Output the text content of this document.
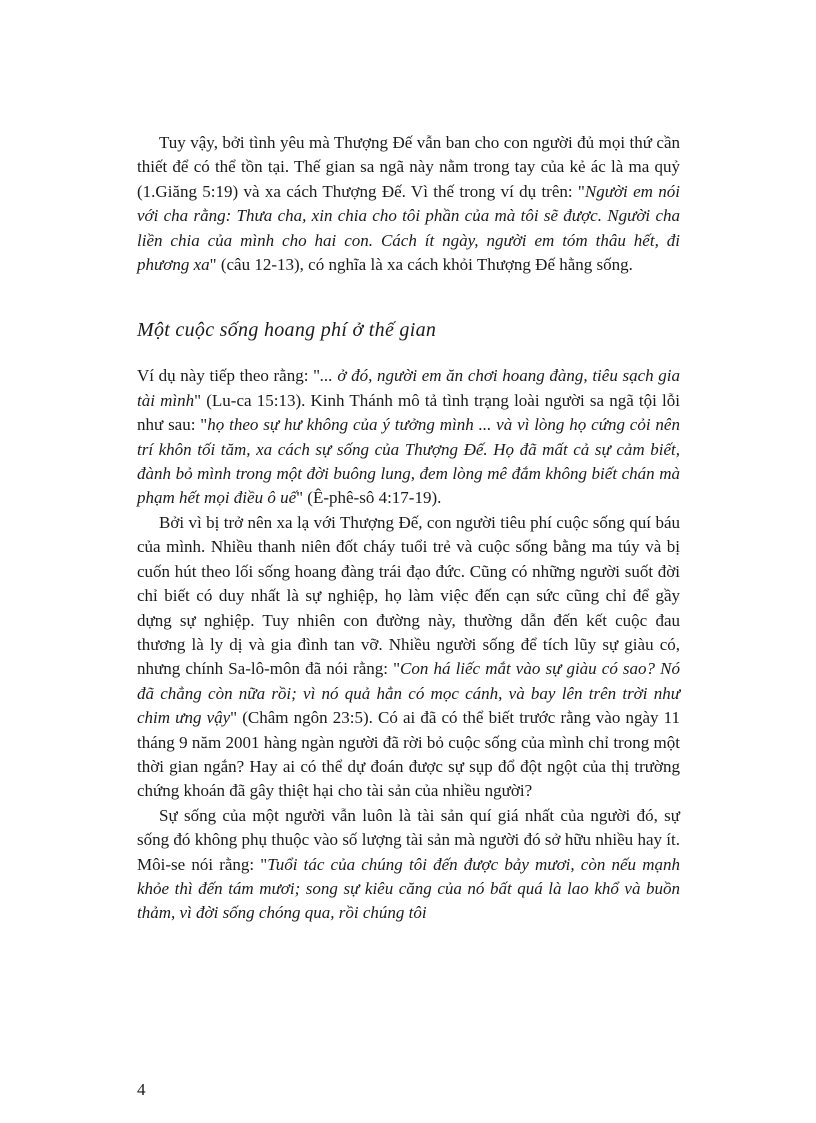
Tuy vậy, bởi tình yêu mà Thượng Đế vẫn ban cho con người đủ mọi thứ cần thiết để có thể tồn tại. Thế gian sa ngã này nằm trong tay của kẻ ác là ma quỷ (1.Giăng 5:19) và xa cách Thượng Đế. Vì thế trong ví dụ trên: "Người em nói với cha rằng: Thưa cha, xin chia cho tôi phần của mà tôi sẽ được. Người cha liền chia của mình cho hai con. Cách ít ngày, người em tóm thâu hết, đi phương xa" (câu 12-13), có nghĩa là xa cách khỏi Thượng Đế hằng sống.

Một cuộc sống hoang phí ở thế gian

Ví dụ này tiếp theo rằng: "... ở đó, người em ăn chơi hoang đàng, tiêu sạch gia tài mình" (Lu-ca 15:13). Kinh Thánh mô tả tình trạng loài người sa ngã tội lỗi như sau: "họ theo sự hư không của ý tưởng mình ... và vì lòng họ cứng cỏi nên trí khôn tối tăm, xa cách sự sống của Thượng Đế. Họ đã mất cả sự cảm biết, đành bỏ mình trong một đời buông lung, đem lòng mê đắm không biết chán mà phạm hết mọi điều ô uế" (Ê-phê-sô 4:17-19).

Bởi vì bị trở nên xa lạ với Thượng Đế, con người tiêu phí cuộc sống quí báu của mình. Nhiều thanh niên đốt cháy tuổi trẻ và cuộc sống bằng ma túy và bị cuốn hút theo lối sống hoang đàng trái đạo đức. Cũng có những người suốt đời chỉ biết có duy nhất là sự nghiệp, họ làm việc đến cạn sức cũng chỉ để gầy dựng sự nghiệp. Tuy nhiên con đường này, thường dẫn đến kết cuộc đau thương là ly dị và gia đình tan vỡ. Nhiều người sống để tích lũy sự giàu có, nhưng chính Sa-lô-môn đã nói rằng: "Con há liếc mắt vào sự giàu có sao? Nó đã chẳng còn nữa rồi; vì nó quả hẳn có mọc cánh, và bay lên trên trời như chim ưng vậy" (Châm ngôn 23:5). Có ai đã có thể biết trước rằng vào ngày 11 tháng 9 năm 2001 hàng ngàn người đã rời bỏ cuộc sống của mình chỉ trong một thời gian ngắn? Hay ai có thể dự đoán được sự sụp đổ đột ngột của thị trường chứng khoán đã gây thiệt hại cho tài sản của nhiều người?

Sự sống của một người vẫn luôn là tài sản quí giá nhất của người đó, sự sống đó không phụ thuộc vào số lượng tài sản mà người đó sở hữu nhiều hay ít. Môi-se nói rằng: "Tuổi tác của chúng tôi đến được bảy mươi, còn nếu mạnh khỏe thì đến tám mươi; song sự kiêu căng của nó bất quá là lao khổ và buồn thảm, vì đời sống chóng qua, rồi chúng tôi

4
